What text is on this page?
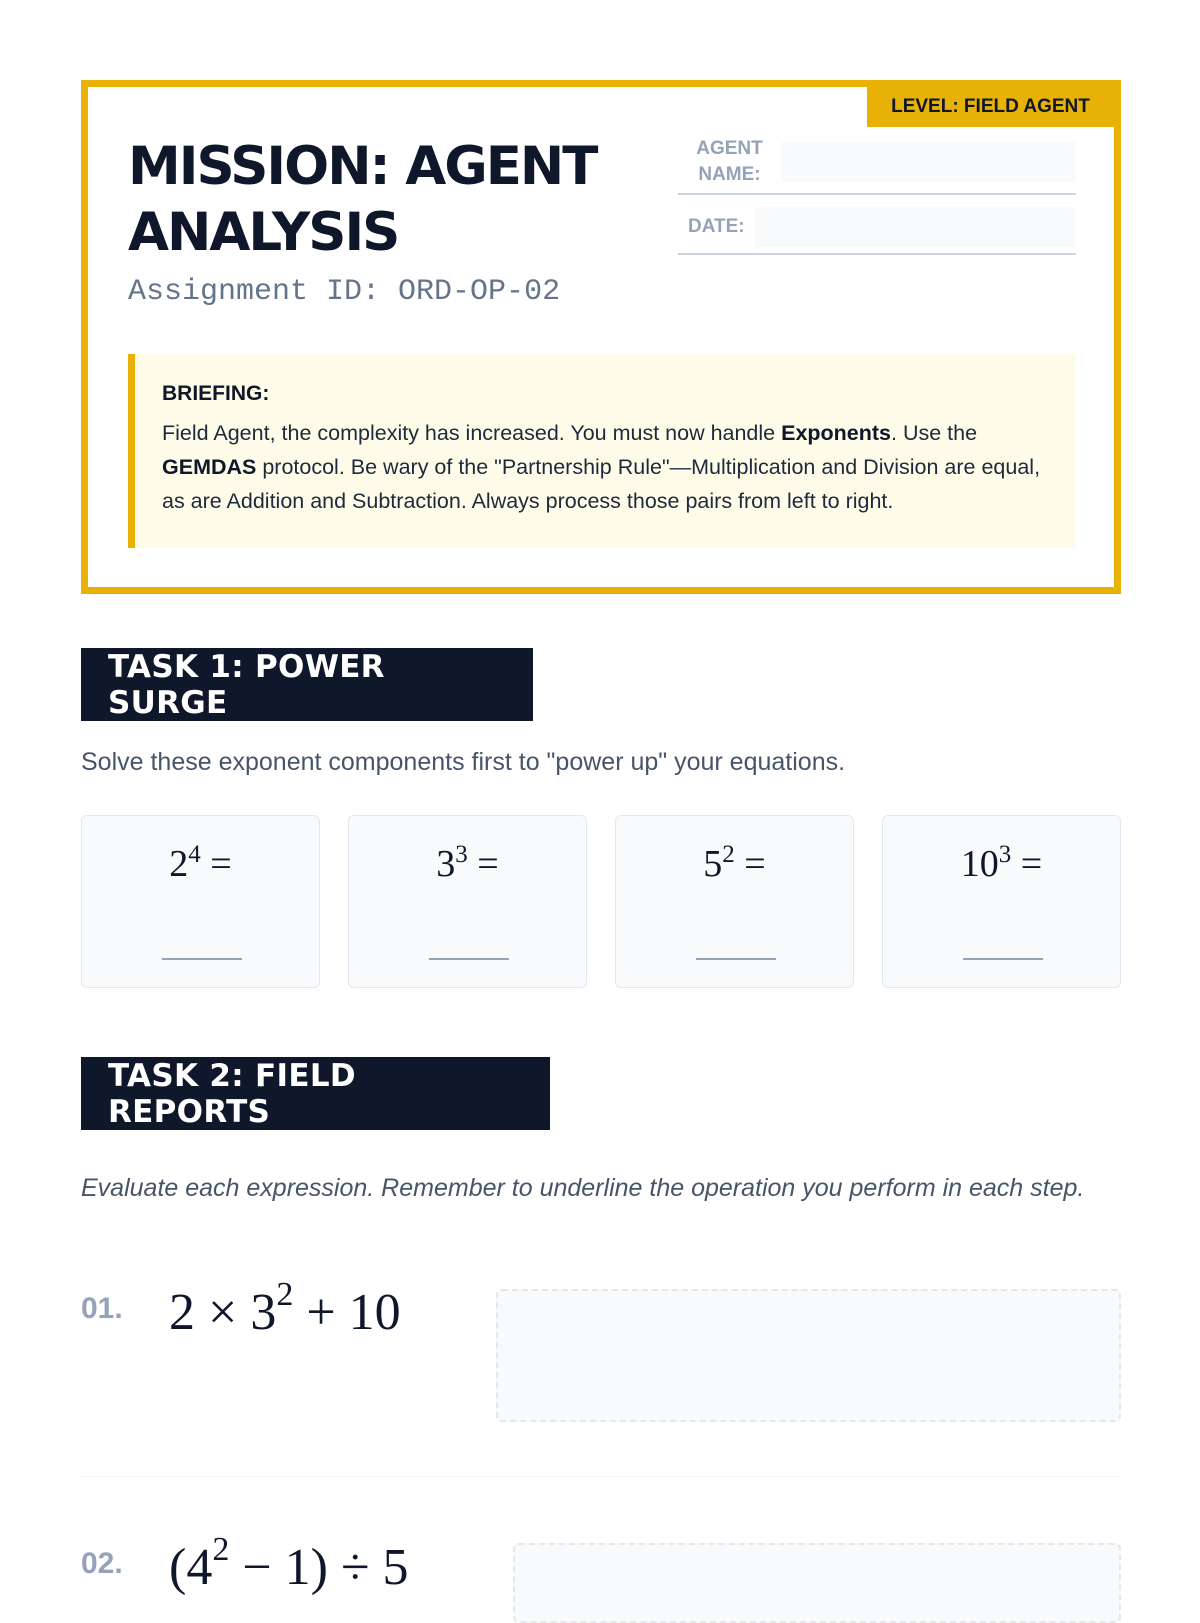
LEVEL: FIELD AGENT
MISSION: AGENT ANALYSIS
Assignment ID: ORD-OP-02
AGENT NAME:
DATE:
BRIEFING:
Field Agent, the complexity has increased. You must now handle Exponents. Use the GEMDAS protocol. Be wary of the "Partnership Rule"—Multiplication and Division are equal, as are Addition and Subtraction. Always process those pairs from left to right.
TASK 1: POWER SURGE
Solve these exponent components first to "power up" your equations.
$2^4$ =	$3^3$ =	$5^2$ =	$10^3$ =
TASK 2: FIELD REPORTS
Evaluate each expression. Remember to underline the operation you perform in each step.
01. $2 \times 3^2 + 10$
02. $(4^2 - 1) \div 5$
